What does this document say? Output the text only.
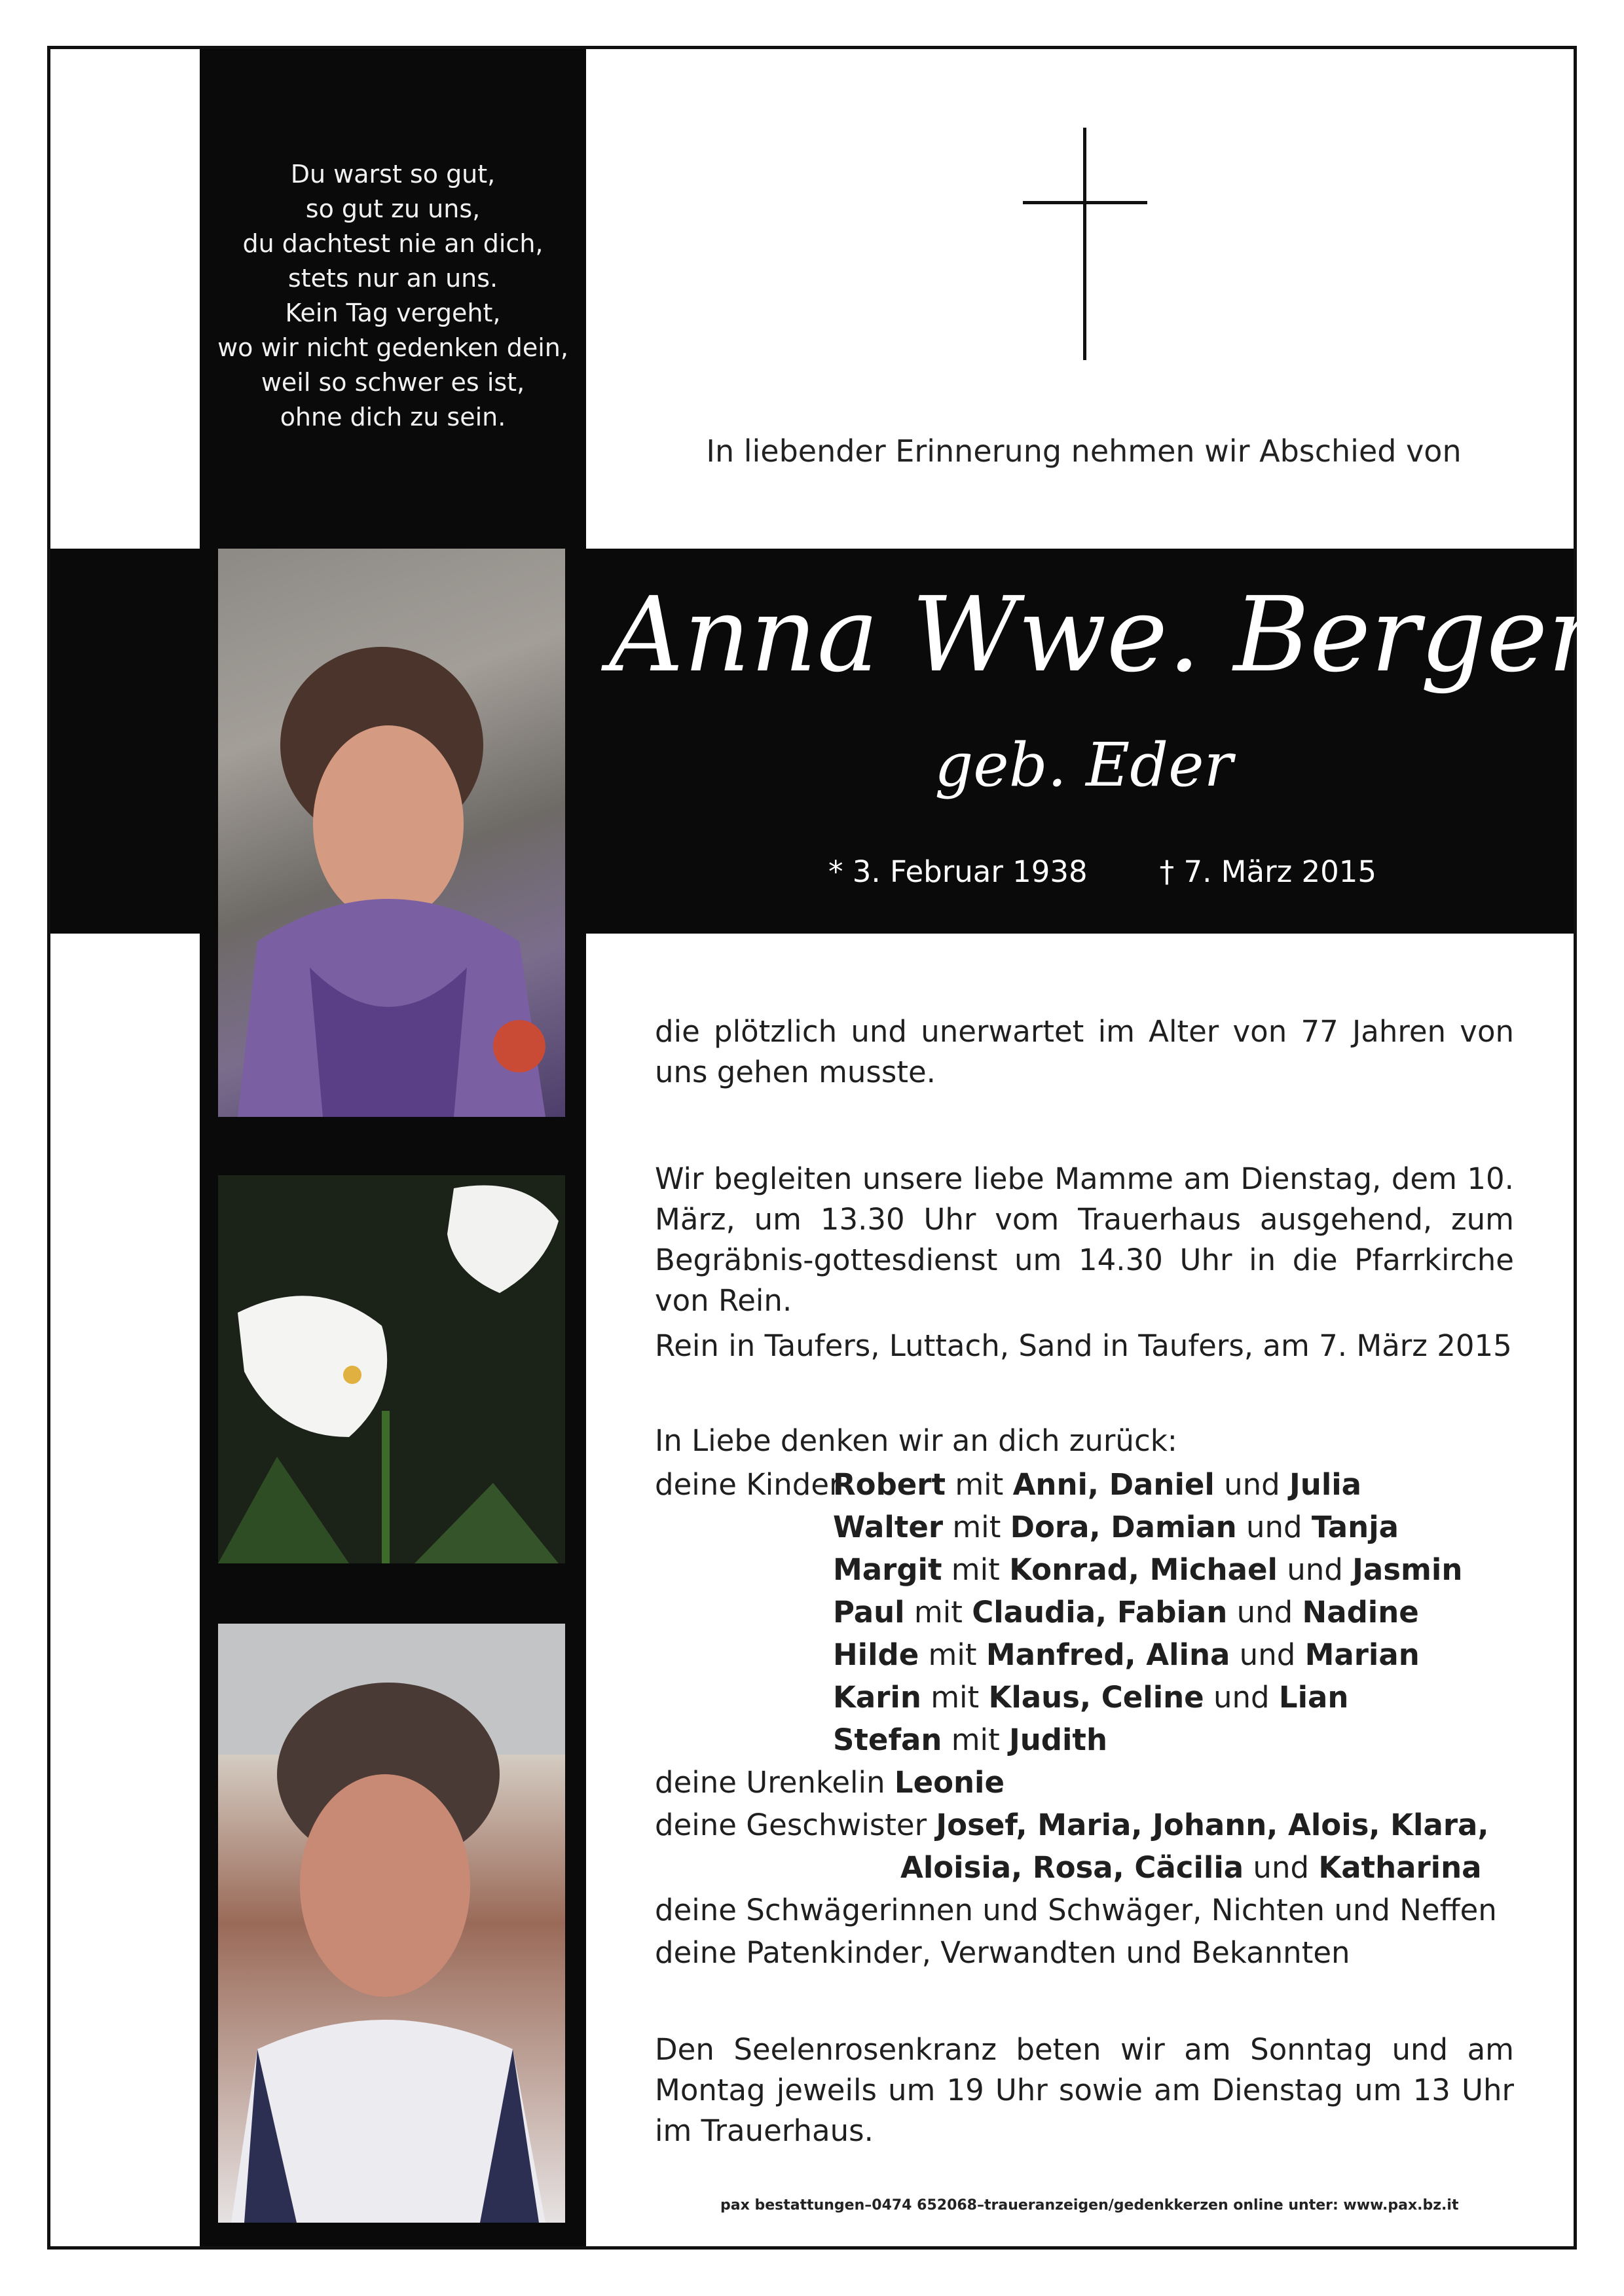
Du warst so gut,
so gut zu uns,
du dachtest nie an dich,
stets nur an uns.
Kein Tag vergeht,
wo wir nicht gedenken dein,
weil so schwer es ist,
ohne dich zu sein.
In liebender Erinnerung nehmen wir Abschied von
Anna Wwe. Berger
geb. Eder
* 3. Februar 1938 † 7. März 2015
die plötzlich und unerwartet im Alter von 77 Jahren von uns gehen musste.
Wir begleiten unsere liebe Mamme am Dienstag, dem 10. März, um 13.30 Uhr vom Trauerhaus ausgehend, zum Begräbnis-gottesdienst um 14.30 Uhr in die Pfarrkirche von Rein.
Rein in Taufers, Luttach, Sand in Taufers, am 7. März 2015
In Liebe denken wir an dich zurück:
deine Kinder
Robert mit Anni, Daniel und Julia
Walter mit Dora, Damian und Tanja
Margit mit Konrad, Michael und Jasmin
Paul mit Claudia, Fabian und Nadine
Hilde mit Manfred, Alina und Marian
Karin mit Klaus, Celine und Lian
Stefan mit Judith
deine Urenkelin Leonie
deine Geschwister Josef, Maria, Johann, Alois, Klara,
Aloisia, Rosa, Cäcilia und Katharina
deine Schwägerinnen und Schwäger, Nichten und Neffen
deine Patenkinder, Verwandten und Bekannten
Den Seelenrosenkranz beten wir am Sonntag und am Montag jeweils um 19 Uhr sowie am Dienstag um 13 Uhr im Trauerhaus.
pax bestattungen–0474 652068–traueranzeigen/gedenkkerzen online unter: www.pax.bz.it
